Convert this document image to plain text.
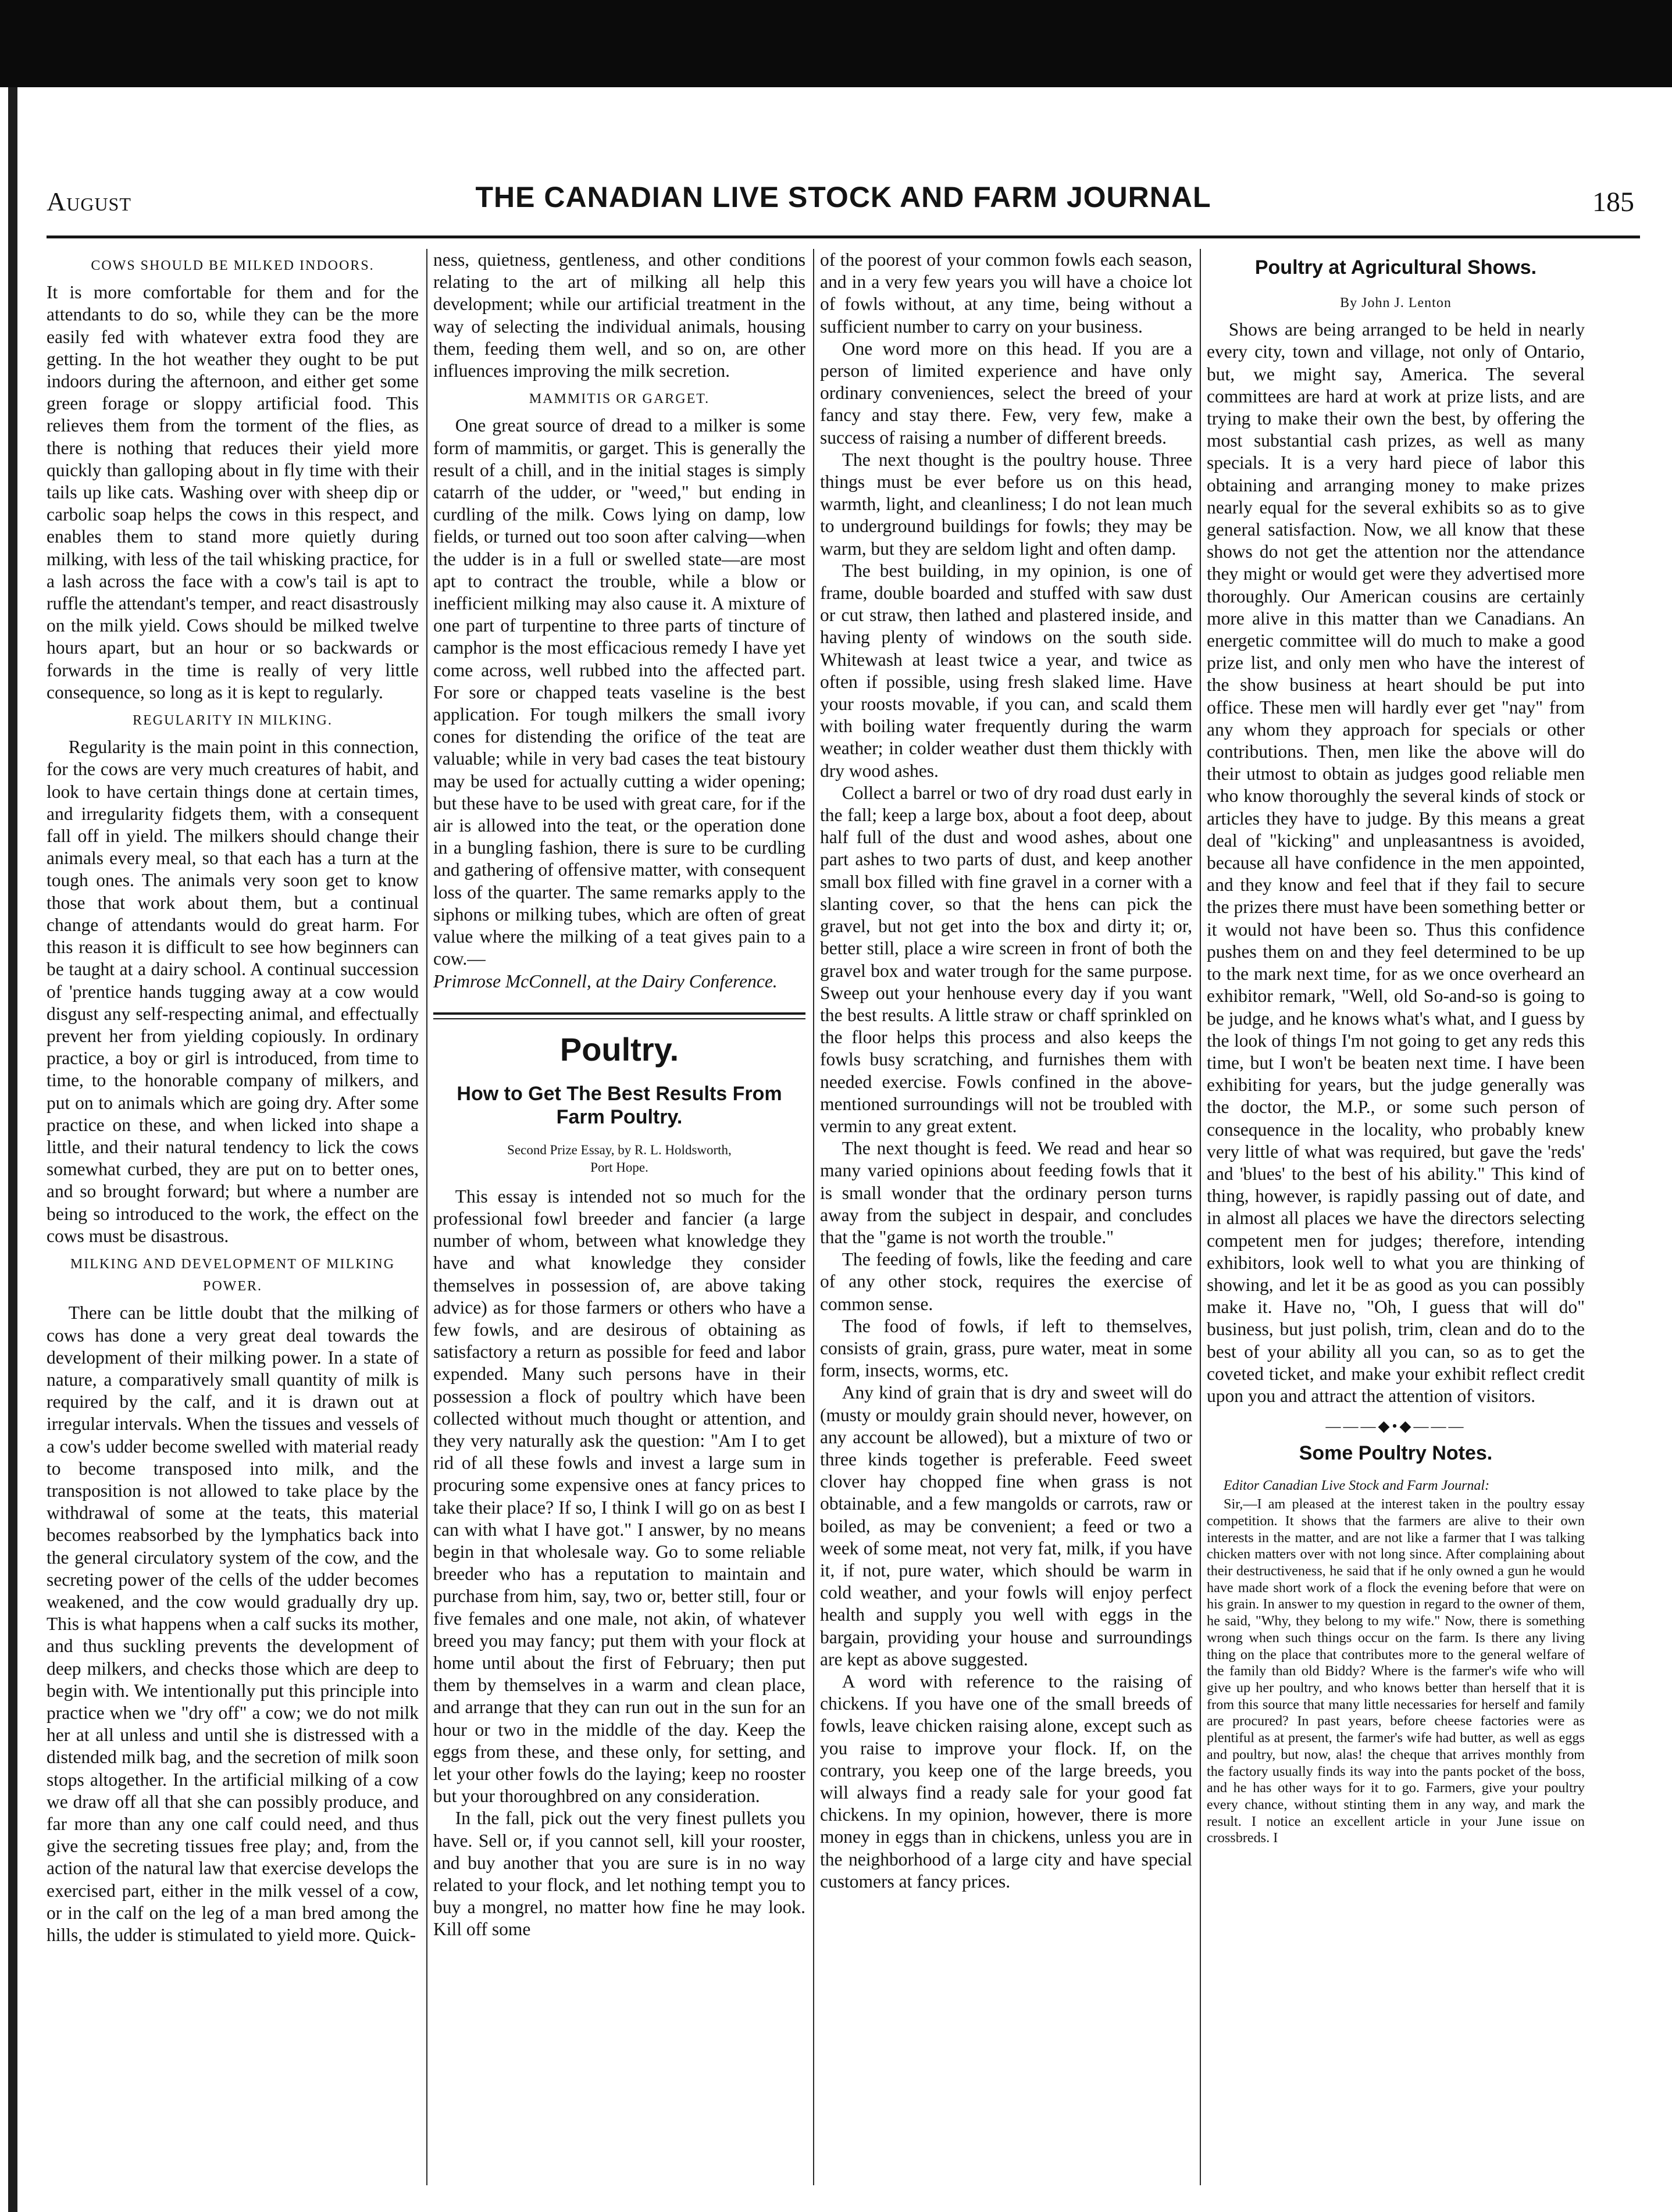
August	THE CANADIAN LIVE STOCK AND FARM JOURNAL	185
COWS SHOULD BE MILKED INDOORS.

It is more comfortable for them and for the attendants to do so, while they can be the more easily fed with whatever extra food they are getting. In the hot weather they ought to be put indoors during the afternoon, and either get some green forage or sloppy artificial food. This relieves them from the torment of the flies, as there is nothing that reduces their yield more quickly than galloping about in fly time with their tails up like cats. Washing over with sheep dip or carbolic soap helps the cows in this respect, and enables them to stand more quietly during milking, with less of the tail whisking practice, for a lash across the face with a cow's tail is apt to ruffle the attendant's temper, and react disastrously on the milk yield. Cows should be milked twelve hours apart, but an hour or so backwards or forwards in the time is really of very little consequence, so long as it is kept to regularly.

REGULARITY IN MILKING.

Regularity is the main point in this connection, for the cows are very much creatures of habit, and look to have certain things done at certain times, and irregularity fidgets them, with a consequent fall off in yield. The milkers should change their animals every meal, so that each has a turn at the tough ones. The animals very soon get to know those that work about them, but a continual change of attendants would do great harm. For this reason it is difficult to see how beginners can be taught at a dairy school. A continual succession of 'prentice hands tugging away at a cow would disgust any self-respecting animal, and effectually prevent her from yielding copiously. In ordinary practice, a boy or girl is introduced, from time to time, to the honorable company of milkers, and put on to animals which are going dry. After some practice on these, and when licked into shape a little, and their natural tendency to lick the cows somewhat curbed, they are put on to better ones, and so brought forward; but where a number are being so introduced to the work, the effect on the cows must be disastrous.

MILKING AND DEVELOPMENT OF MILKING POWER.

There can be little doubt that the milking of cows has done a very great deal towards the development of their milking power. In a state of nature, a comparatively small quantity of milk is required by the calf, and it is drawn out at irregular intervals. When the tissues and vessels of a cow's udder become swelled with material ready to become transposed into milk, and the transposition is not allowed to take place by the withdrawal of some at the teats, this material becomes reabsorbed by the lymphatics back into the general circulatory system of the cow, and the secreting power of the cells of the udder becomes weakened, and the cow would gradually dry up. This is what happens when a calf sucks its mother, and thus suckling prevents the development of deep milkers, and checks those which are deep to begin with. We intentionally put this principle into practice when we "dry off" a cow; we do not milk her at all unless and until she is distressed with a distended milk bag, and the secretion of milk soon stops altogether. In the artificial milking of a cow we draw off all that she can possibly produce, and far more than any one calf could need, and thus give the secreting tissues free play; and, from the action of the natural law that exercise develops the exercised part, either in the milk vessel of a cow, or in the calf on the leg of a man bred among the hills, the udder is stimulated to yield more. Quick-

ness, quietness, gentleness, and other conditions relating to the art of milking all help this development; while our artificial treatment in the way of selecting the individual animals, housing them, feeding them well, and so on, are other influences improving the milk secretion.

MAMMITIS OR GARGET.

One great source of dread to a milker is some form of mammitis, or garget. This is generally the result of a chill, and in the initial stages is simply catarrh of the udder, or "weed," but ending in curdling of the milk. Cows lying on damp, low fields, or turned out too soon after calving—when the udder is in a full or swelled state—are most apt to contract the trouble, while a blow or inefficient milking may also cause it. A mixture of one part of turpentine to three parts of tincture of camphor is the most efficacious remedy I have yet come across, well rubbed into the affected part. For sore or chapped teats vaseline is the best application. For tough milkers the small ivory cones for distending the orifice of the teat are valuable; while in very bad cases the teat bistoury may be used for actually cutting a wider opening; but these have to be used with great care, for if the air is allowed into the teat, or the operation done in a bungling fashion, there is sure to be curdling and gathering of offensive matter, with consequent loss of the quarter. The same remarks apply to the siphons or milking tubes, which are often of great value where the milking of a teat gives pain to a cow.—

Primrose McConnell, at the Dairy Conference.

Poultry.
How to Get The Best Results From Farm Poultry.
Second Prize Essay, by R. L. Holdsworth,
Port Hope.

This essay is intended not so much for the professional fowl breeder and fancier (a large number of whom, between what knowledge they have and what knowledge they consider themselves in possession of, are above taking advice) as for those farmers or others who have a few fowls, and are desirous of obtaining as satisfactory a return as possible for feed and labor expended. Many such persons have in their possession a flock of poultry which have been collected without much thought or attention, and they very naturally ask the question: "Am I to get rid of all these fowls and invest a large sum in procuring some expensive ones at fancy prices to take their place? If so, I think I will go on as best I can with what I have got." I answer, by no means begin in that wholesale way. Go to some reliable breeder who has a reputation to maintain and purchase from him, say, two or, better still, four or five females and one male, not akin, of whatever breed you may fancy; put them with your flock at home until about the first of February; then put them by themselves in a warm and clean place, and arrange that they can run out in the sun for an hour or two in the middle of the day. Keep the eggs from these, and these only, for setting, and let your other fowls do the laying; keep no rooster but your thoroughbred on any consideration.

In the fall, pick out the very finest pullets you have. Sell or, if you cannot sell, kill your rooster, and buy another that you are sure is in no way related to your flock, and let nothing tempt you to buy a mongrel, no matter how fine he may look. Kill off some

of the poorest of your common fowls each season, and in a very few years you will have a choice lot of fowls without, at any time, being without a sufficient number to carry on your business.

One word more on this head. If you are a person of limited experience and have only ordinary conveniences, select the breed of your fancy and stay there. Few, very few, make a success of raising a number of different breeds.

The next thought is the poultry house. Three things must be ever before us on this head, warmth, light, and cleanliness; I do not lean much to underground buildings for fowls; they may be warm, but they are seldom light and often damp.

The best building, in my opinion, is one of frame, double boarded and stuffed with saw dust or cut straw, then lathed and plastered inside, and having plenty of windows on the south side. Whitewash at least twice a year, and twice as often if possible, using fresh slaked lime. Have your roosts movable, if you can, and scald them with boiling water frequently during the warm weather; in colder weather dust them thickly with dry wood ashes.

Collect a barrel or two of dry road dust early in the fall; keep a large box, about a foot deep, about half full of the dust and wood ashes, about one part ashes to two parts of dust, and keep another small box filled with fine gravel in a corner with a slanting cover, so that the hens can pick the gravel, but not get into the box and dirty it; or, better still, place a wire screen in front of both the gravel box and water trough for the same purpose. Sweep out your henhouse every day if you want the best results. A little straw or chaff sprinkled on the floor helps this process and also keeps the fowls busy scratching, and furnishes them with needed exercise. Fowls confined in the above-mentioned surroundings will not be troubled with vermin to any great extent.

The next thought is feed. We read and hear so many varied opinions about feeding fowls that it is small wonder that the ordinary person turns away from the subject in despair, and concludes that the "game is not worth the trouble."

The feeding of fowls, like the feeding and care of any other stock, requires the exercise of common sense.

The food of fowls, if left to themselves, consists of grain, grass, pure water, meat in some form, insects, worms, etc.

Any kind of grain that is dry and sweet will do (musty or mouldy grain should never, however, on any account be allowed), but a mixture of two or three kinds together is preferable. Feed sweet clover hay chopped fine when grass is not obtainable, and a few mangolds or carrots, raw or boiled, as may be convenient; a feed or two a week of some meat, not very fat, milk, if you have it, if not, pure water, which should be warm in cold weather, and your fowls will enjoy perfect health and supply you well with eggs in the bargain, providing your house and surroundings are kept as above suggested.

A word with reference to the raising of chickens. If you have one of the small breeds of fowls, leave chicken raising alone, except such as you raise to improve your flock. If, on the contrary, you keep one of the large breeds, you will always find a ready sale for your good fat chickens. In my opinion, however, there is more money in eggs than in chickens, unless you are in the neighborhood of a large city and have special customers at fancy prices.

Poultry at Agricultural Shows.
By John J. Lenton

Shows are being arranged to be held in nearly every city, town and village, not only of Ontario, but, we might say, America. The several committees are hard at work at prize lists, and are trying to make their own the best, by offering the most substantial cash prizes, as well as many specials. It is a very hard piece of labor this obtaining and arranging money to make prizes nearly equal for the several exhibits so as to give general satisfaction. Now, we all know that these shows do not get the attention nor the attendance they might or would get were they advertised more thoroughly. Our American cousins are certainly more alive in this matter than we Canadians. An energetic committee will do much to make a good prize list, and only men who have the interest of the show business at heart should be put into office. These men will hardly ever get "nay" from any whom they approach for specials or other contributions. Then, men like the above will do their utmost to obtain as judges good reliable men who know thoroughly the several kinds of stock or articles they have to judge. By this means a great deal of "kicking" and unpleasantness is avoided, because all have confidence in the men appointed, and they know and feel that if they fail to secure the prizes there must have been something better or it would not have been so. Thus this confidence pushes them on and they feel determined to be up to the mark next time, for as we once overheard an exhibitor remark, "Well, old So-and-so is going to be judge, and he knows what's what, and I guess by the look of things I'm not going to get any reds this time, but I won't be beaten next time. I have been exhibiting for years, but the judge generally was the doctor, the M.P., or some such person of consequence in the locality, who probably knew very little of what was required, but gave the 'reds' and 'blues' to the best of his ability." This kind of thing, however, is rapidly passing out of date, and in almost all places we have the directors selecting competent men for judges; therefore, intending exhibitors, look well to what you are thinking of showing, and let it be as good as you can possibly make it. Have no, "Oh, I guess that will do" business, but just polish, trim, clean and do to the best of your ability all you can, so as to get the coveted ticket, and make your exhibit reflect credit upon you and attract the attention of visitors.

———◆•◆———
Some Poultry Notes.

Editor Canadian Live Stock and Farm Journal:

Sir,—I am pleased at the interest taken in the poultry essay competition. It shows that the farmers are alive to their own interests in the matter, and are not like a farmer that I was talking chicken matters over with not long since. After complaining about their destructiveness, he said that if he only owned a gun he would have made short work of a flock the evening before that were on his grain. In answer to my question in regard to the owner of them, he said, "Why, they belong to my wife." Now, there is something wrong when such things occur on the farm. Is there any living thing on the place that contributes more to the general welfare of the family than old Biddy? Where is the farmer's wife who will give up her poultry, and who knows better than herself that it is from this source that many little necessaries for herself and family are procured? In past years, before cheese factories were as plentiful as at present, the farmer's wife had butter, as well as eggs and poultry, but now, alas! the cheque that arrives monthly from the factory usually finds its way into the pants pocket of the boss, and he has other ways for it to go. Farmers, give your poultry every chance, without stinting them in any way, and mark the result. I notice an excellent article in your June issue on crossbreds. I
